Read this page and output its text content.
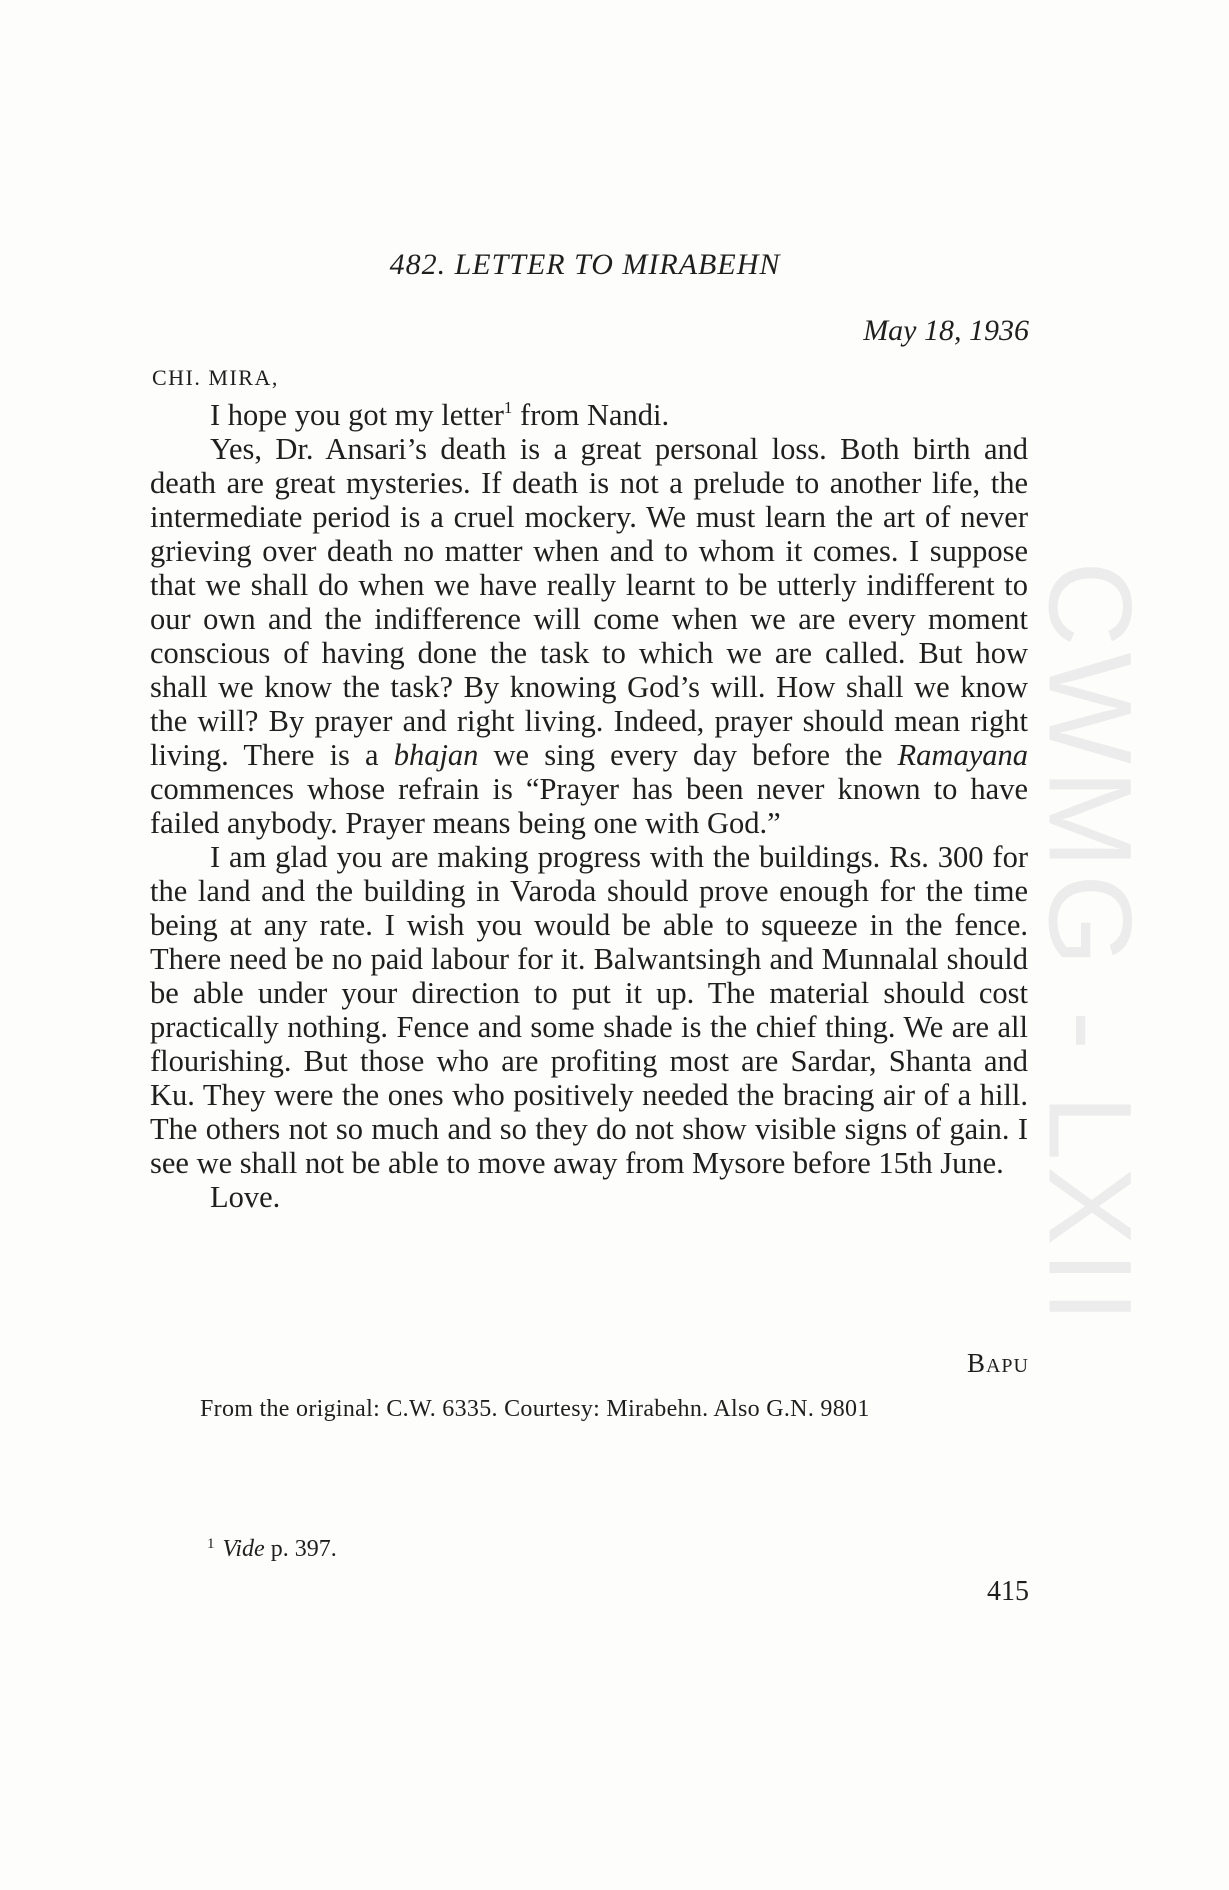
CWMG - LXII
482. LETTER TO MIRABEHN
May 18, 1936
CHI. MIRA,

I hope you got my letter$^1$ from Nandi.

Yes, Dr. Ansari’s death is a great personal loss. Both birth and death are great mysteries. If death is not a prelude to another life, the intermediate period is a cruel mockery. We must learn the art of never grieving over death no matter when and to whom it comes. I suppose that we shall do when we have really learnt to be utterly indifferent to our own and the indifference will come when we are every moment conscious of having done the task to which we are called. But how shall we know the task? By knowing God’s will. How shall we know the will? By prayer and right living. Indeed, prayer should mean right living. There is a bhajan we sing every day before the Ramayana commences whose refrain is “Prayer has been never known to have failed anybody. Prayer means being one with God.”

I am glad you are making progress with the buildings. Rs. 300 for the land and the building in Varoda should prove enough for the time being at any rate. I wish you would be able to squeeze in the fence. There need be no paid labour for it. Balwantsingh and Munnalal should be able under your direction to put it up. The material should cost practically nothing. Fence and some shade is the chief thing. We are all flourishing. But those who are profiting most are Sardar, Shanta and Ku. They were the ones who positively needed the bracing air of a hill. The others not so much and so they do not show visible signs of gain. I see we shall not be able to move away from Mysore before 15th June.

Love.

BAPU
From the original: C.W. 6335. Courtesy: Mirabehn. Also G.N. 9801
$^1$ Vide p. 397.
415
